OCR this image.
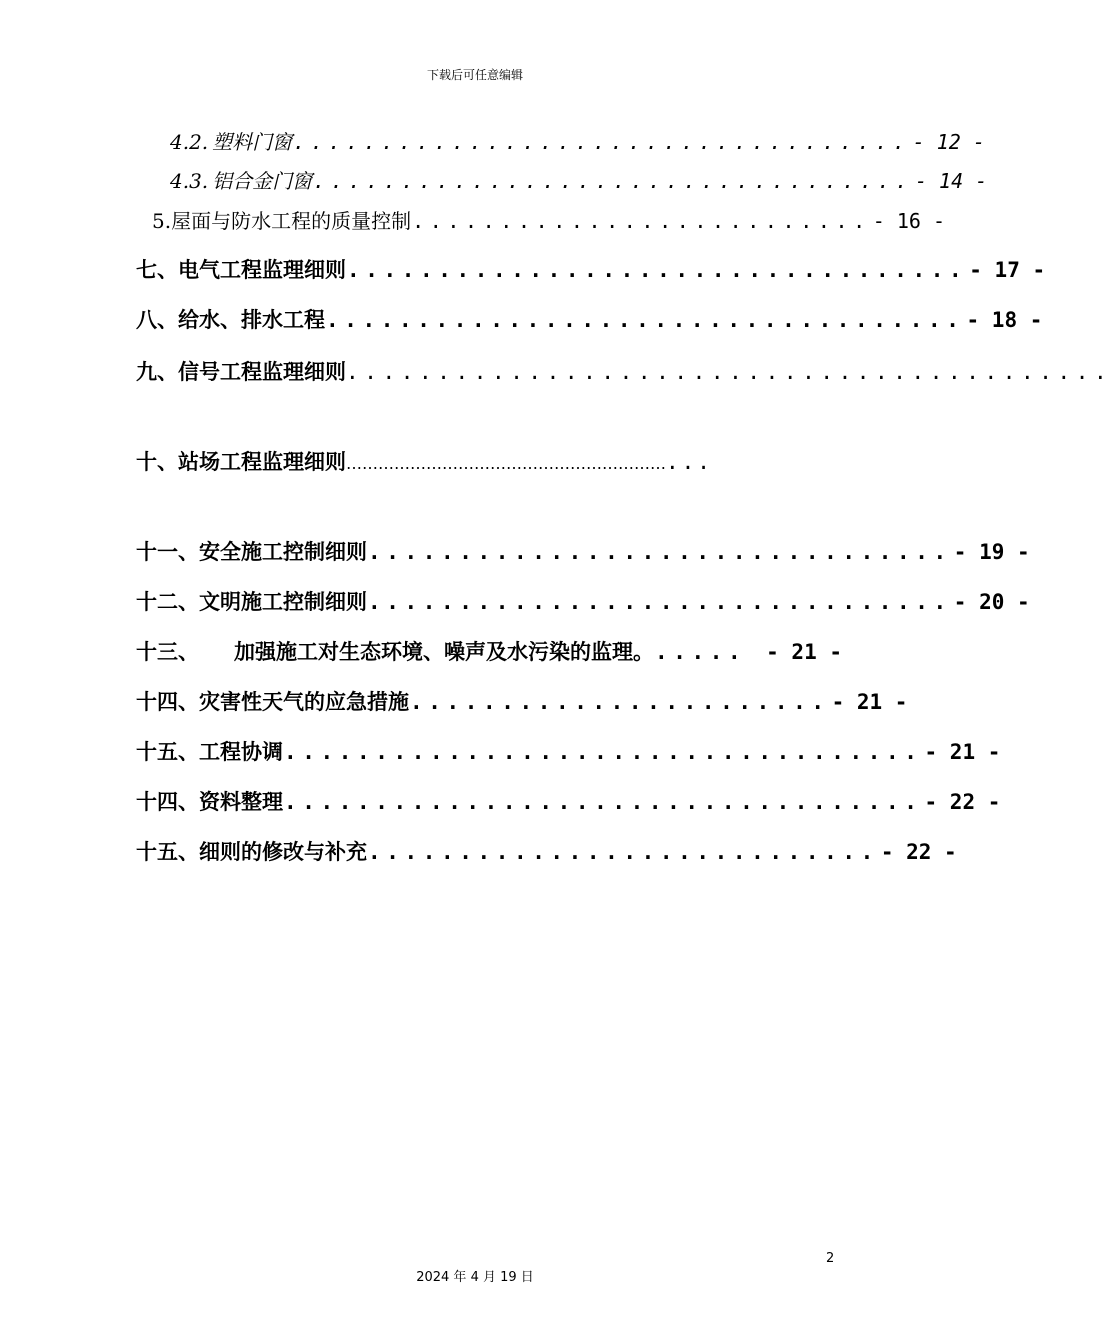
下载后可任意编辑
4.2. 塑料门窗 ................................... - 12 -
4.3. 铝合金门窗 .................................. - 14 -
5. 屋面与防水工程的质量控制 .......................... - 16 -
七、 电气工程监理细则 .................................. - 17 -
八、 给水、排水工程 ................................... - 18 -
九、信号工程监理细则..........................................
十、站场工程监理细则……………………………………………………...
十一、 安全施工控制细则 ................................ - 19 -
十二、 文明施工控制细则 ................................ - 20 -
十三、	加强施工对生态环境、噪声及水污染的监理。 ..... - 21 -
十四、 灾害性天气的应急措施 ....................... - 21 -
十五、 工程协调 ................................... - 21 -
十四、 资料整理 ................................... - 22 -
十五、 细则的修改与补充 ............................ - 22 -
2
2024 年 4 月 19 日
